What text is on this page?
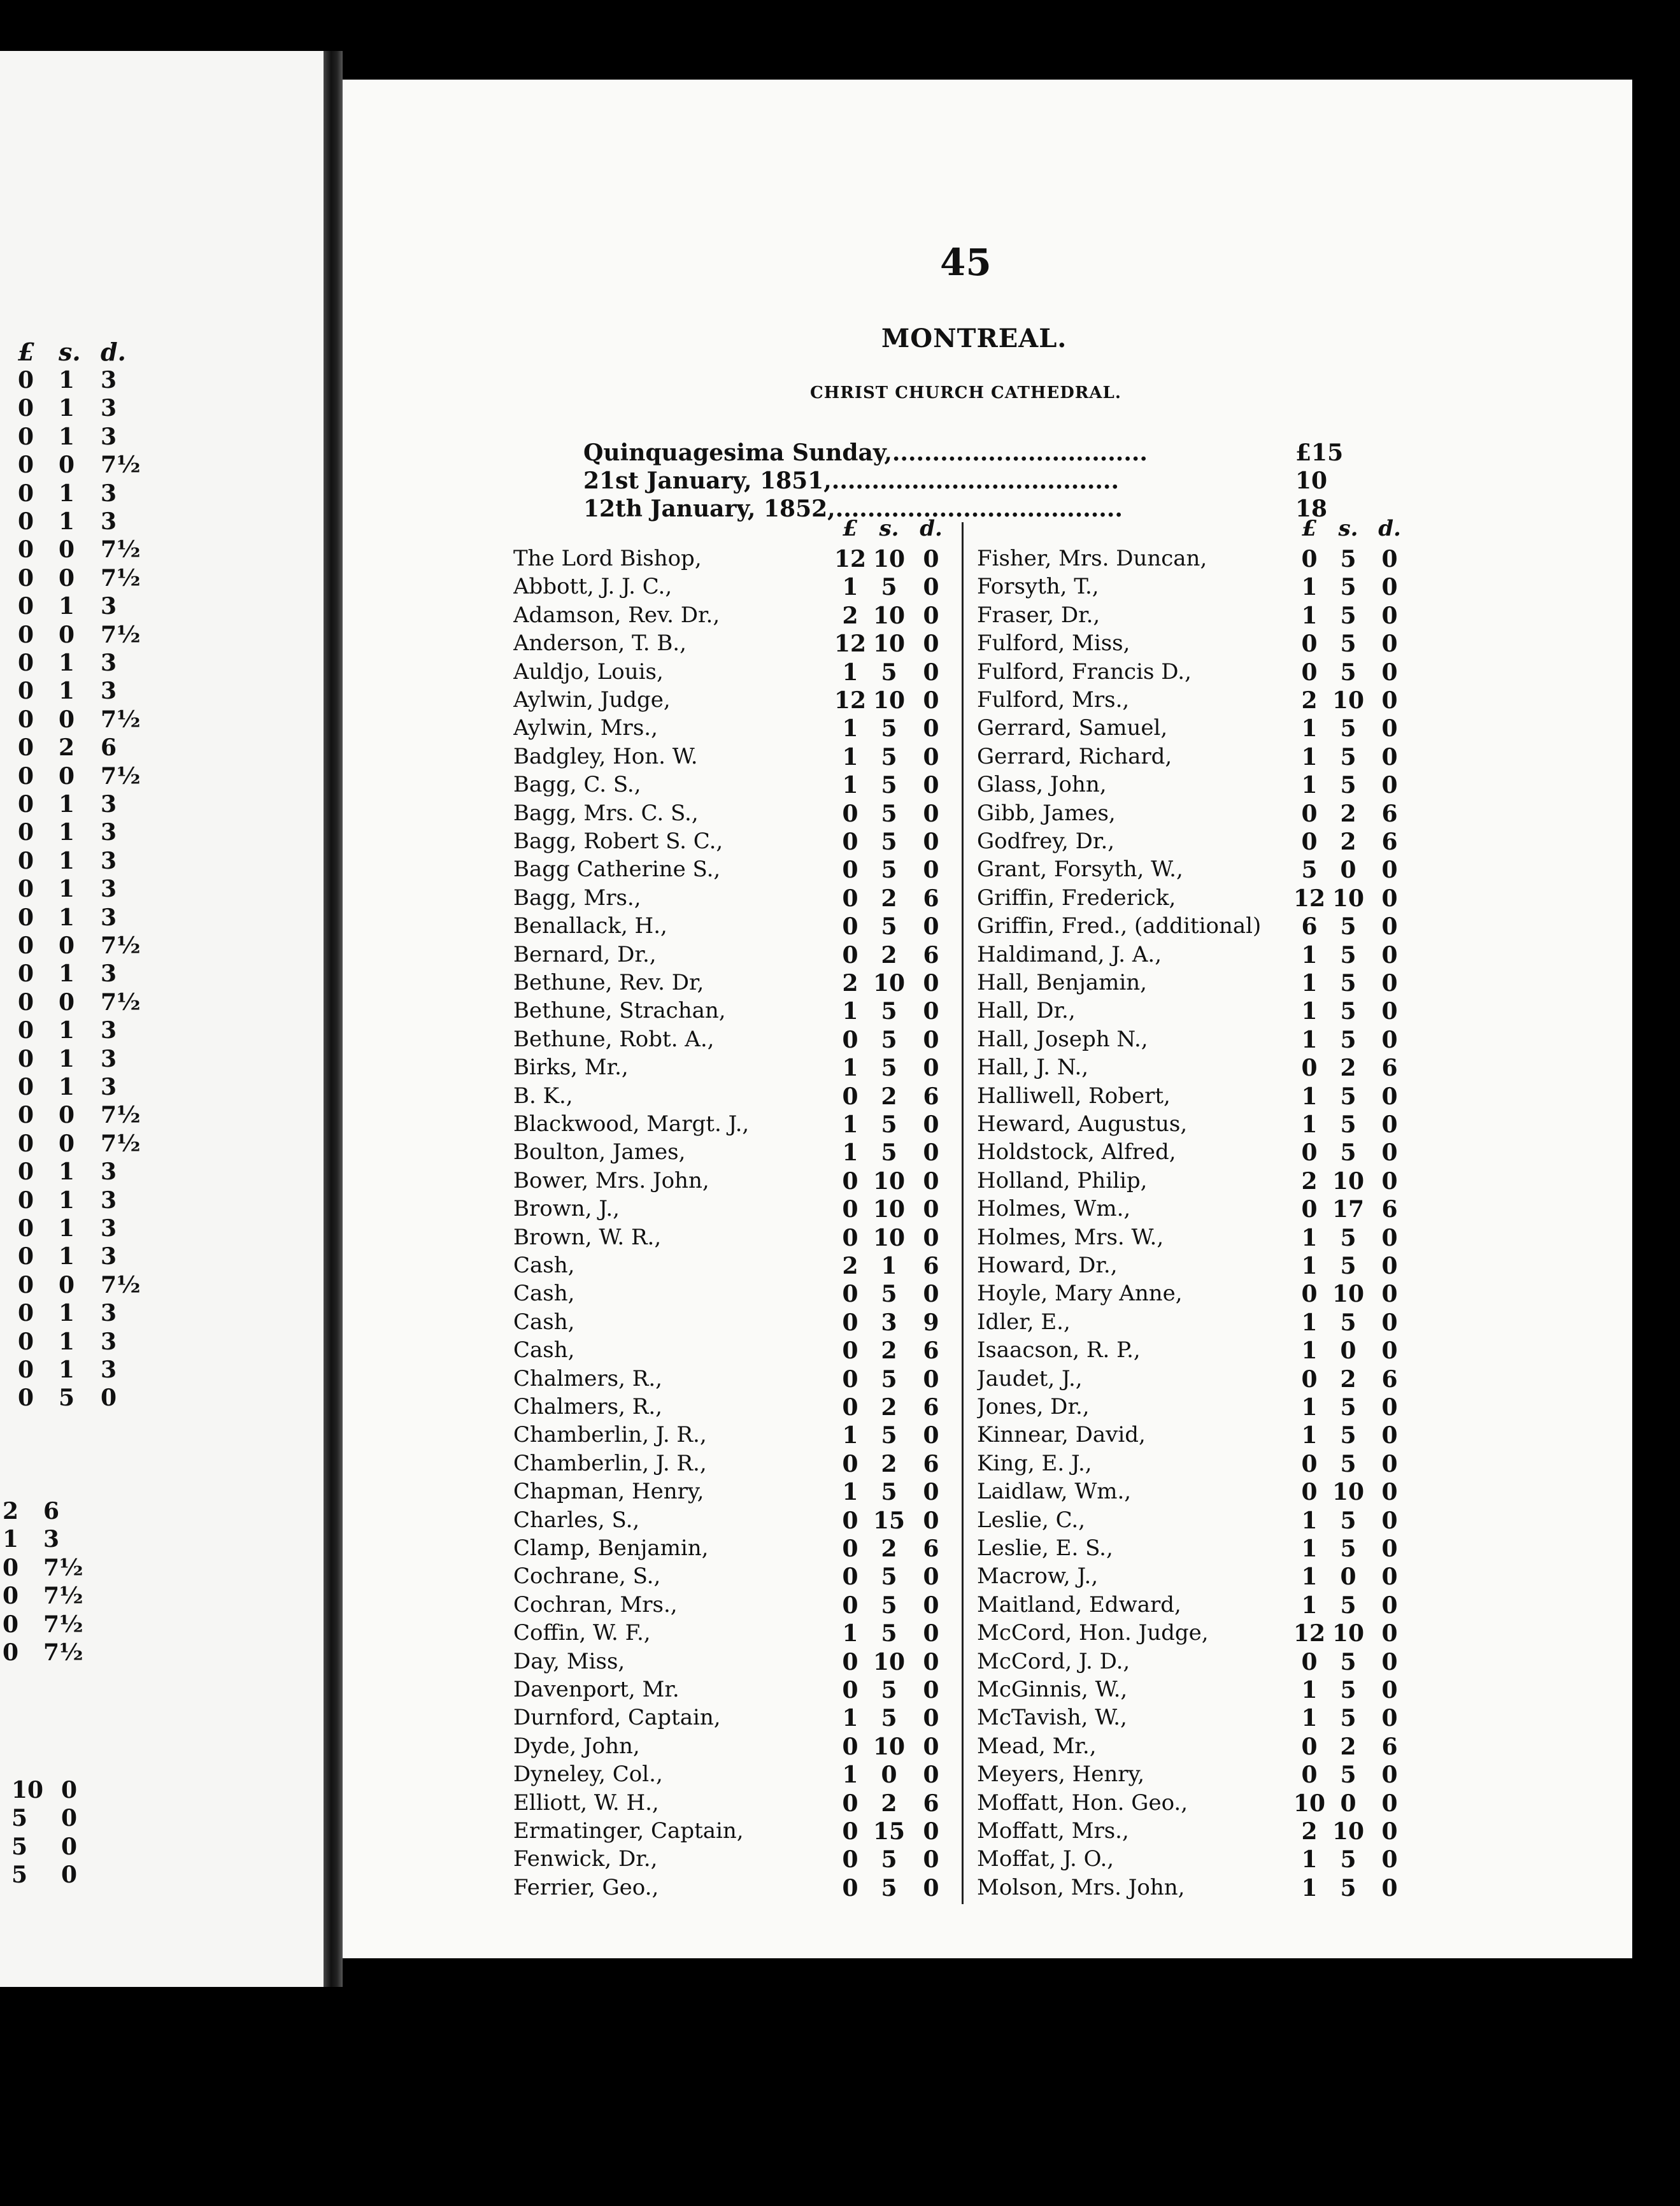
45
MONTREAL.
CHRIST CHURCH CATHEDRAL.
Quinquagesima Sunday,................................	£15
21st January, 1851,....................................	10
12th January, 1852,....................................	18
£ s. d.
0 1 3
0 1 3
0 1 3
0 0 7½
0 1 3
0 1 3
0 0 7½
0 0 7½
0 1 3
0 0 7½
0 1 3
0 1 3
0 0 7½
0 2 6
0 0 7½
0 1 3
0 1 3
0 1 3
0 1 3
0 1 3
0 0 7½
0 1 3
0 0 7½
0 1 3
0 1 3
0 1 3
0 0 7½
0 0 7½
0 1 3
0 1 3
0 1 3
0 1 3
0 0 7½
0 1 3
0 1 3
0 1 3
0 5 0
2 6
1 3
0 7½
0 7½
0 7½
0 7½
10 0
5 0
5 0
5 0
£ s. d.
The Lord Bishop,	12 10 0
Abbott, J. J. C.,	1 5	0
Adamson, Rev. Dr.,	2 10 0
Anderson, T. B.,	12 10 0
Auldjo, Louis,	1 5	0
Aylwin, Judge,	12 10 0
Aylwin, Mrs.,	1 5	0
Badgley, Hon. W.	1 5	0
Bagg, C. S.,	1 5	0
Bagg, Mrs. C. S.,	0 5	0
Bagg, Robert S. C.,	0 5	0
Bagg Catherine S.,	0 5	0
Bagg, Mrs.,	0 2	6
Benallack, H.,	0 5	0
Bernard, Dr.,	0 2	6
Bethune, Rev. Dr,	2 10 0
Bethune, Strachan,	1 5	0
Bethune, Robt. A.,	0 5	0
Birks, Mr.,	1 5	0
B. K.,	0 2	6
Blackwood, Margt. J.,	1 5	0
Boulton, James,	1 5	0
Bower, Mrs. John,	0 10 0
Brown, J.,	0 10 0
Brown, W. R.,	0 10 0
Cash,	2 1	6
Cash,	0 5	0
Cash,	0 3	9
Cash,	0 2	6
Chalmers, R.,	0 5	0
Chalmers, R.,	0 2	6
Chamberlin, J. R.,	1 5	0
Chamberlin, J. R.,	0 2	6
Chapman, Henry,	1 5	0
Charles, S.,	0 15 0
Clamp, Benjamin,	0 2	6
Cochrane, S.,	0 5	0
Cochran, Mrs.,	0 5	0
Coffin, W. F.,	1 5	0
Day, Miss,	0 10 0
Davenport, Mr.	0 5	0
Durnford, Captain,	1 5	0
Dyde, John,	0 10 0
Dyneley, Col.,	1 0	0
Elliott, W. H.,	0 2	6
Ermatinger, Captain,	0 15 0
Fenwick, Dr.,	0 5	0
Ferrier, Geo.,	0 5	0
£ s. d.
Fisher, Mrs. Duncan,	0 5	0
Forsyth, T.,	1 5	0
Fraser, Dr.,	1 5	0
Fulford, Miss,	0 5	0
Fulford, Francis D.,	0 5	0
Fulford, Mrs.,	2 10 0
Gerrard, Samuel,	1 5	0
Gerrard, Richard,	1 5	0
Glass, John,	1 5	0
Gibb, James,	0 2	6
Godfrey, Dr.,	0 2	6
Grant, Forsyth, W.,	5 0	0
Griffin, Frederick,	12 10 0
Griffin, Fred., (additional)	6 5	0
Haldimand, J. A.,	1 5	0
Hall, Benjamin,	1 5	0
Hall, Dr.,	1 5	0
Hall, Joseph N.,	1 5	0
Hall, J. N.,	0 2	6
Halliwell, Robert,	1 5	0
Heward, Augustus,	1 5	0
Holdstock, Alfred,	0 5	0
Holland, Philip,	2 10 0
Holmes, Wm.,	0 17 6
Holmes, Mrs. W.,	1 5	0
Howard, Dr.,	1 5	0
Hoyle, Mary Anne,	0 10 0
Idler, E.,	1 5	0
Isaacson, R. P.,	1 0	0
Jaudet, J.,	0 2	6
Jones, Dr.,	1 5	0
Kinnear, David,	1 5	0
King, E. J.,	0 5	0
Laidlaw, Wm.,	0 10 0
Leslie, C.,	1 5	0
Leslie, E. S.,	1 5	0
Macrow, J.,	1 0	0
Maitland, Edward,	1 5	0
McCord, Hon. Judge,	12 10 0
McCord, J. D.,	0 5	0
McGinnis, W.,	1 5	0
McTavish, W.,	1 5	0
Mead, Mr.,	0 2	6
Meyers, Henry,	0 5	0
Moffatt, Hon. Geo.,	10 0	0
Moffatt, Mrs.,	2 10 0
Moffat, J. O.,	1 5	0
Molson, Mrs. John,	1 5	0
